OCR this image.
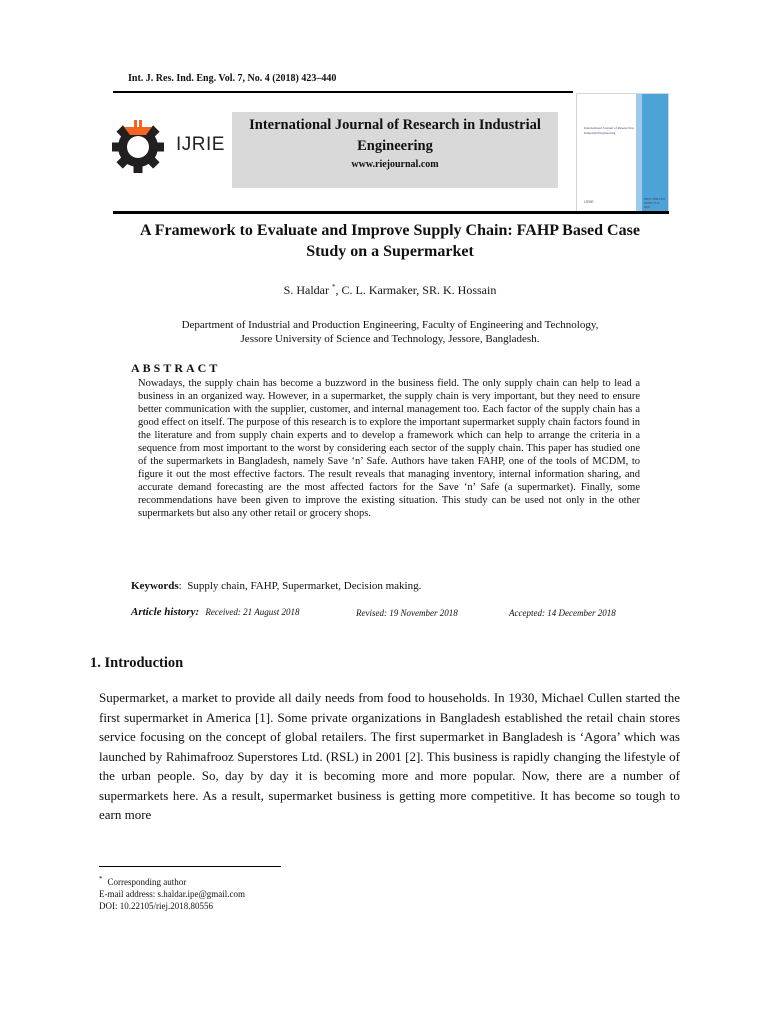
Int. J. Res. Ind. Eng. Vol. 7, No. 4 (2018) 423–440
IJRIE
International Journal of Research in Industrial Engineering
www.riejournal.com
International Journal of Research in Industrial Engineering
IJRIE	ISSN: 2783-1337 eISSN: 2717-2937
A Framework to Evaluate and Improve Supply Chain: FAHP Based Case Study on a Supermarket
S. Haldar *, C. L. Karmaker, SR. K. Hossain
Department of Industrial and Production Engineering, Faculty of Engineering and Technology,
Jessore University of Science and Technology, Jessore, Bangladesh.
ABSTRACT
Nowadays, the supply chain has become a buzzword in the business field. The only supply chain can help to lead a business in an organized way. However, in a supermarket, the supply chain is very important, but they need to ensure better communication with the supplier, customer, and internal management too. Each factor of the supply chain has a good effect on itself. The purpose of this research is to explore the important supermarket supply chain factors found in the literature and from supply chain experts and to develop a framework which can help to arrange the criteria in a sequence from most important to the worst by considering each sector of the supply chain. This paper has studied one of the supermarkets in Bangladesh, namely Save ‘n’ Safe. Authors have taken FAHP, one of the tools of MCDM, to figure it out the most effective factors. The result reveals that managing inventory, internal information sharing, and accurate demand forecasting are the most affected factors for the Save ‘n’ Safe (a supermarket). Finally, some recommendations have been given to improve the existing situation. This study can be used not only in the other supermarkets but also any other retail or grocery shops.
Keywords:  Supply chain, FAHP, Supermarket, Decision making.
Article history: Received: 21 August 2018	Revised: 19 November 2018	Accepted: 14 December 2018
1. Introduction
Supermarket, a market to provide all daily needs from food to households. In 1930, Michael Cullen started the first supermarket in America [1]. Some private organizations in Bangladesh established the retail chain stores service focusing on the concept of global retailers. The first supermarket in Bangladesh is ‘Agora’ which was launched by Rahimafrooz Superstores Ltd. (RSL) in 2001 [2]. This business is rapidly changing the lifestyle of the urban people. So, day by day it is becoming more and more popular. Now, there are a number of supermarkets here. As a result, supermarket business is getting more competitive. It has become so tough to earn more
* Corresponding author
E-mail address: s.haldar.ipe@gmail.com
DOI: 10.22105/riej.2018.80556
